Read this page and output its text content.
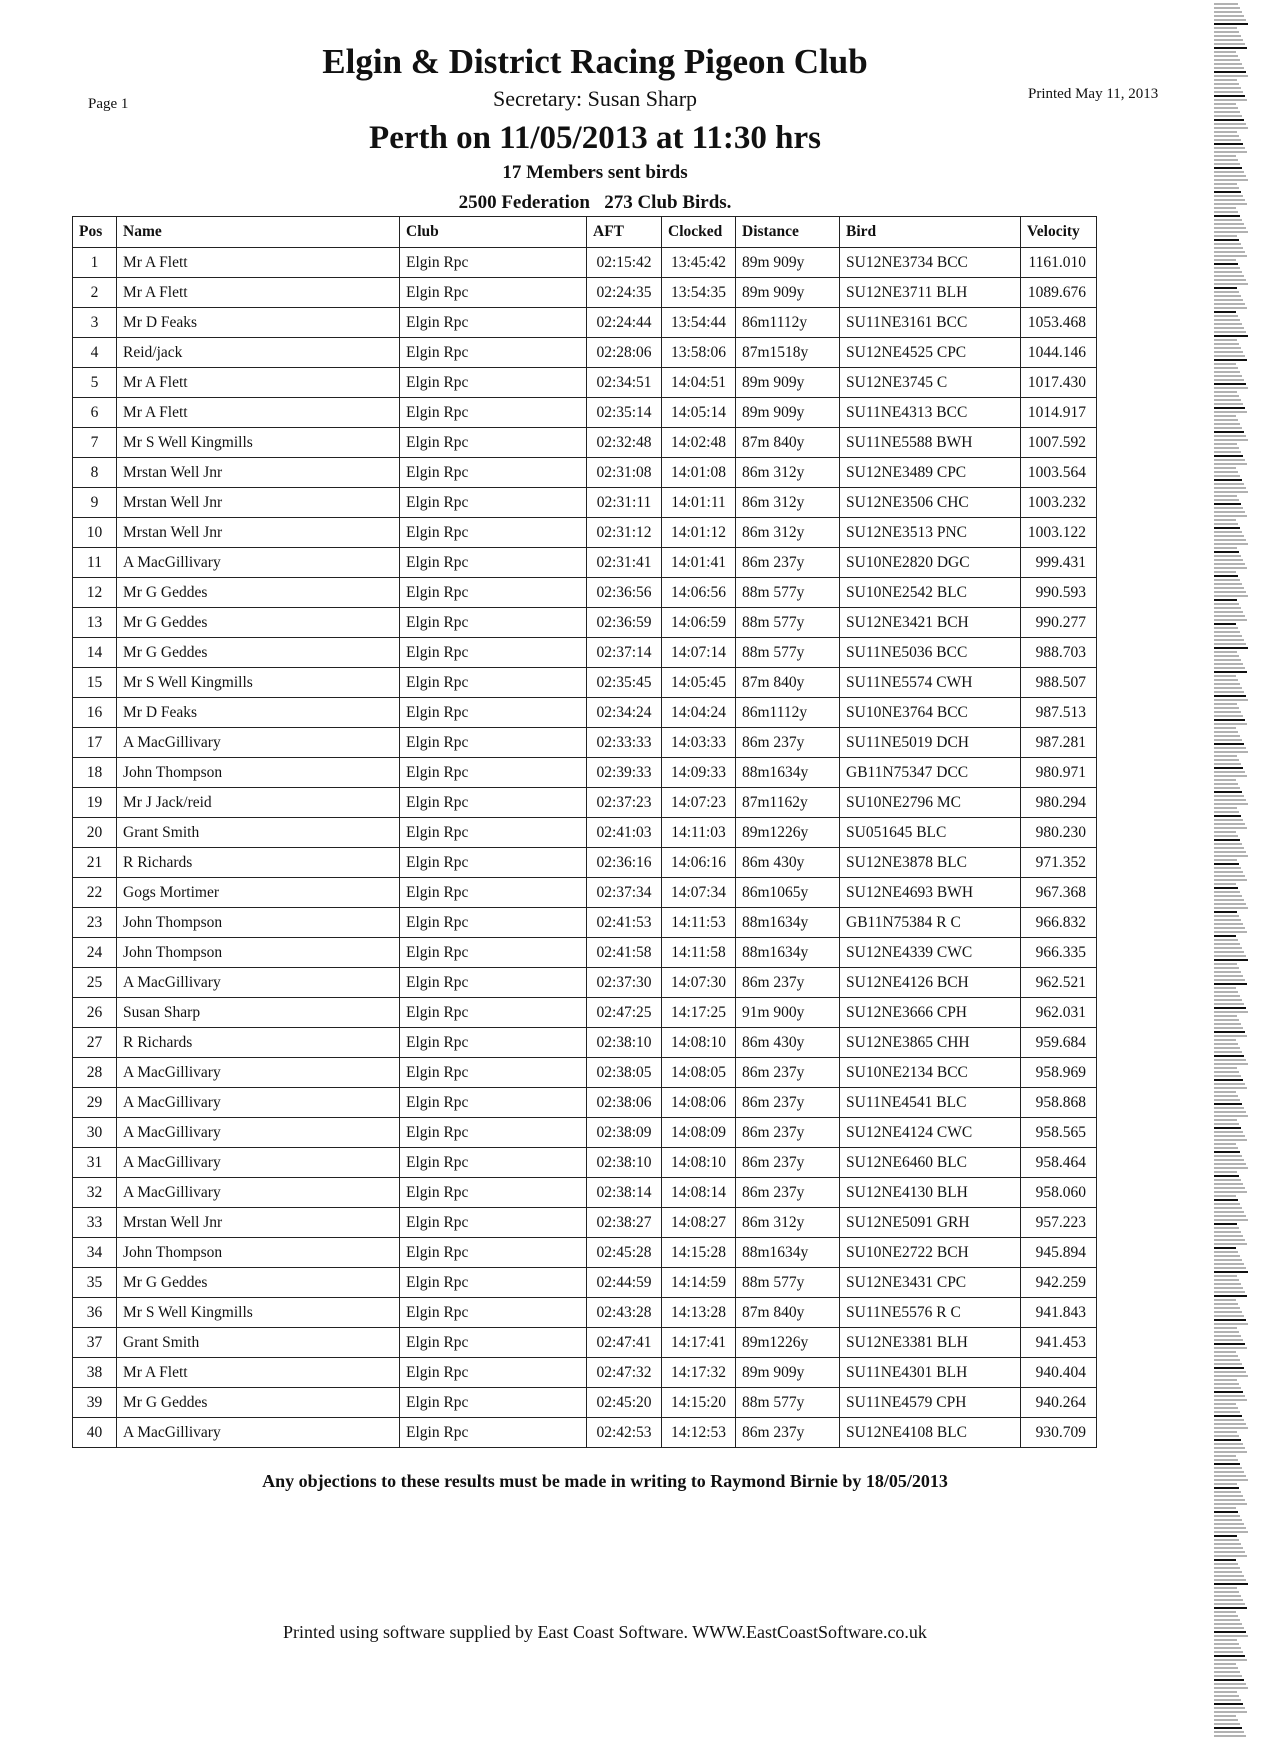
Page 1
Printed May 11, 2013
Elgin & District Racing Pigeon Club
Secretary: Susan Sharp
Perth on 11/05/2013 at 11:30 hrs
17 Members sent birds
2500 Federation   273 Club Birds.
Pos	Name	Club	AFT	Clocked	Distance	Bird	Velocity
1	Mr A Flett	Elgin Rpc	02:15:42	13:45:42	89m 909y	SU12NE3734 BCC	1161.010
2	Mr A Flett	Elgin Rpc	02:24:35	13:54:35	89m 909y	SU12NE3711 BLH	1089.676
3	Mr D Feaks	Elgin Rpc	02:24:44	13:54:44	86m1112y	SU11NE3161 BCC	1053.468
4	Reid/jack	Elgin Rpc	02:28:06	13:58:06	87m1518y	SU12NE4525 CPC	1044.146
5	Mr A Flett	Elgin Rpc	02:34:51	14:04:51	89m 909y	SU12NE3745 C	1017.430
6	Mr A Flett	Elgin Rpc	02:35:14	14:05:14	89m 909y	SU11NE4313 BCC	1014.917
7	Mr S Well Kingmills	Elgin Rpc	02:32:48	14:02:48	87m 840y	SU11NE5588 BWH	1007.592
8	Mrstan Well Jnr	Elgin Rpc	02:31:08	14:01:08	86m 312y	SU12NE3489 CPC	1003.564
9	Mrstan Well Jnr	Elgin Rpc	02:31:11	14:01:11	86m 312y	SU12NE3506 CHC	1003.232
10	Mrstan Well Jnr	Elgin Rpc	02:31:12	14:01:12	86m 312y	SU12NE3513 PNC	1003.122
11	A MacGillivary	Elgin Rpc	02:31:41	14:01:41	86m 237y	SU10NE2820 DGC	999.431
12	Mr G Geddes	Elgin Rpc	02:36:56	14:06:56	88m 577y	SU10NE2542 BLC	990.593
13	Mr G Geddes	Elgin Rpc	02:36:59	14:06:59	88m 577y	SU12NE3421 BCH	990.277
14	Mr G Geddes	Elgin Rpc	02:37:14	14:07:14	88m 577y	SU11NE5036 BCC	988.703
15	Mr S Well Kingmills	Elgin Rpc	02:35:45	14:05:45	87m 840y	SU11NE5574 CWH	988.507
16	Mr D Feaks	Elgin Rpc	02:34:24	14:04:24	86m1112y	SU10NE3764 BCC	987.513
17	A MacGillivary	Elgin Rpc	02:33:33	14:03:33	86m 237y	SU11NE5019 DCH	987.281
18	John Thompson	Elgin Rpc	02:39:33	14:09:33	88m1634y	GB11N75347 DCC	980.971
19	Mr J Jack/reid	Elgin Rpc	02:37:23	14:07:23	87m1162y	SU10NE2796 MC	980.294
20	Grant Smith	Elgin Rpc	02:41:03	14:11:03	89m1226y	SU051645 BLC	980.230
21	R Richards	Elgin Rpc	02:36:16	14:06:16	86m 430y	SU12NE3878 BLC	971.352
22	Gogs Mortimer	Elgin Rpc	02:37:34	14:07:34	86m1065y	SU12NE4693 BWH	967.368
23	John Thompson	Elgin Rpc	02:41:53	14:11:53	88m1634y	GB11N75384 R C	966.832
24	John Thompson	Elgin Rpc	02:41:58	14:11:58	88m1634y	SU12NE4339 CWC	966.335
25	A MacGillivary	Elgin Rpc	02:37:30	14:07:30	86m 237y	SU12NE4126 BCH	962.521
26	Susan Sharp	Elgin Rpc	02:47:25	14:17:25	91m 900y	SU12NE3666 CPH	962.031
27	R Richards	Elgin Rpc	02:38:10	14:08:10	86m 430y	SU12NE3865 CHH	959.684
28	A MacGillivary	Elgin Rpc	02:38:05	14:08:05	86m 237y	SU10NE2134 BCC	958.969
29	A MacGillivary	Elgin Rpc	02:38:06	14:08:06	86m 237y	SU11NE4541 BLC	958.868
30	A MacGillivary	Elgin Rpc	02:38:09	14:08:09	86m 237y	SU12NE4124 CWC	958.565
31	A MacGillivary	Elgin Rpc	02:38:10	14:08:10	86m 237y	SU12NE6460 BLC	958.464
32	A MacGillivary	Elgin Rpc	02:38:14	14:08:14	86m 237y	SU12NE4130 BLH	958.060
33	Mrstan Well Jnr	Elgin Rpc	02:38:27	14:08:27	86m 312y	SU12NE5091 GRH	957.223
34	John Thompson	Elgin Rpc	02:45:28	14:15:28	88m1634y	SU10NE2722 BCH	945.894
35	Mr G Geddes	Elgin Rpc	02:44:59	14:14:59	88m 577y	SU12NE3431 CPC	942.259
36	Mr S Well Kingmills	Elgin Rpc	02:43:28	14:13:28	87m 840y	SU11NE5576 R C	941.843
37	Grant Smith	Elgin Rpc	02:47:41	14:17:41	89m1226y	SU12NE3381 BLH	941.453
38	Mr A Flett	Elgin Rpc	02:47:32	14:17:32	89m 909y	SU11NE4301 BLH	940.404
39	Mr G Geddes	Elgin Rpc	02:45:20	14:15:20	88m 577y	SU11NE4579 CPH	940.264
40	A MacGillivary	Elgin Rpc	02:42:53	14:12:53	86m 237y	SU12NE4108 BLC	930.709
Any objections to these results must be made in writing to Raymond Birnie by 18/05/2013
Printed using software supplied by East Coast Software. WWW.EastCoastSoftware.co.uk
